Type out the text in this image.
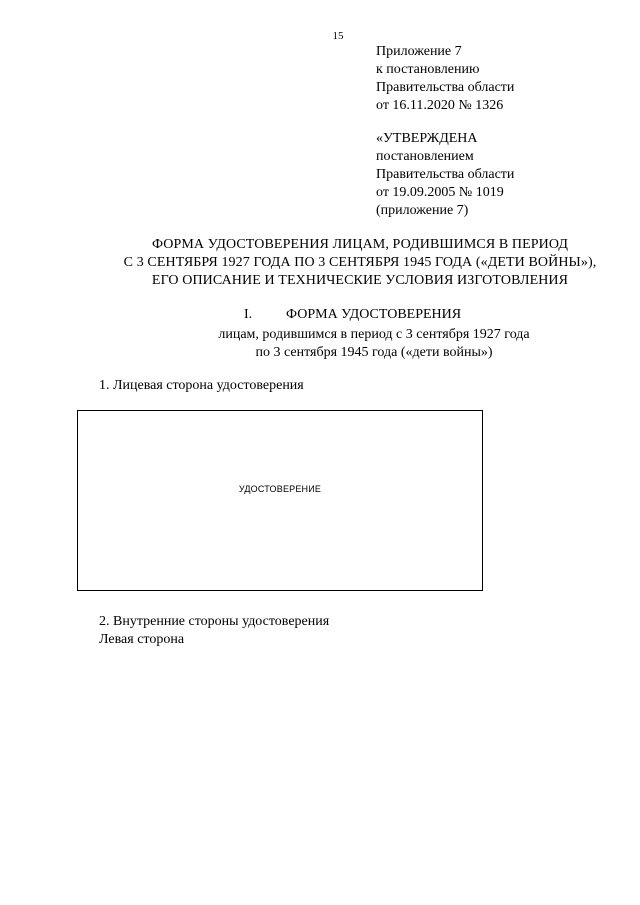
15
Приложение 7
к постановлению
Правительства области
от 16.11.2020 № 1326
«УТВЕРЖДЕНА
постановлением
Правительства области
от 19.09.2005 № 1019
(приложение 7)
ФОРМА УДОСТОВЕРЕНИЯ ЛИЦАМ, РОДИВШИМСЯ В ПЕРИОД
С 3 СЕНТЯБРЯ 1927 ГОДА ПО 3 СЕНТЯБРЯ 1945 ГОДА («ДЕТИ ВОЙНЫ»),
ЕГО ОПИСАНИЕ И ТЕХНИЧЕСКИЕ УСЛОВИЯ ИЗГОТОВЛЕНИЯ
I. ФОРМА УДОСТОВЕРЕНИЯ
лицам, родившимся в период с 3 сентября 1927 года
по 3 сентября 1945 года («дети войны»)
1. Лицевая сторона удостоверения
УДОСТОВЕРЕНИЕ
2. Внутренние стороны удостоверения
Левая сторона
